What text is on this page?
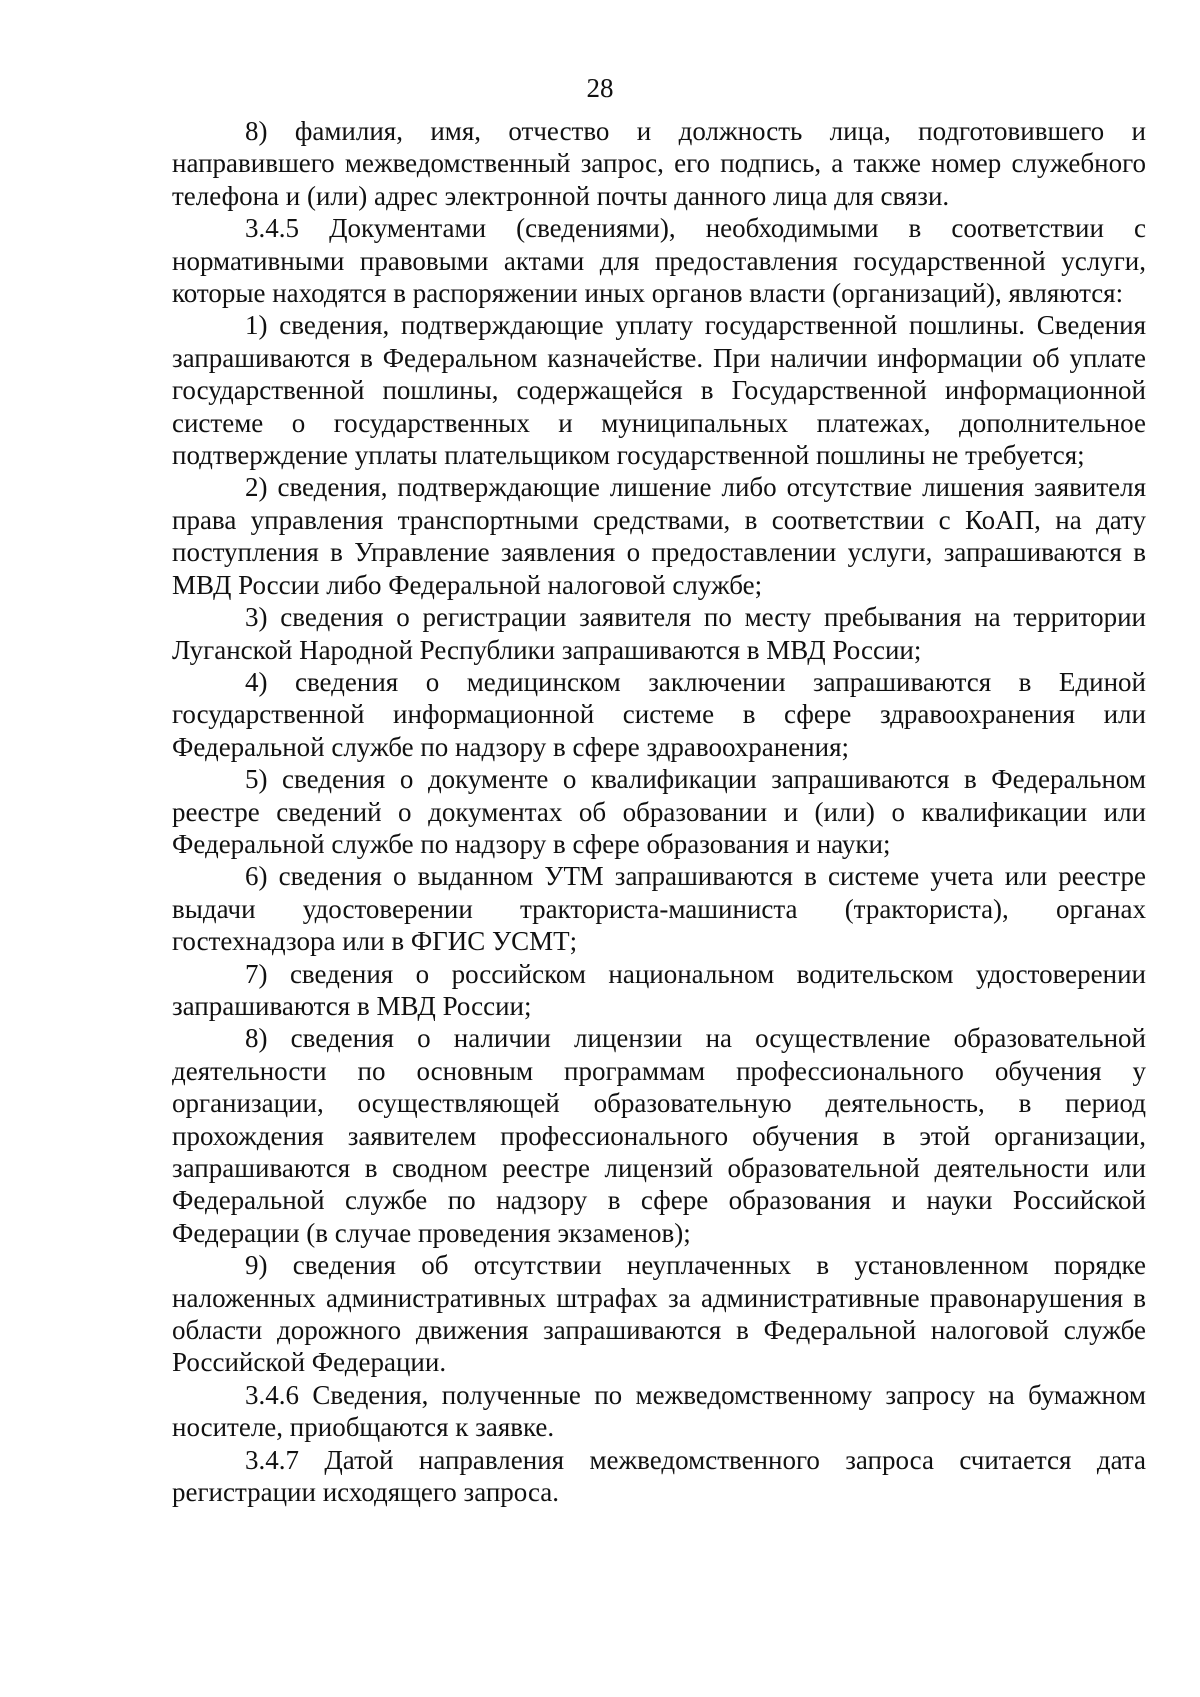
28

8) фамилия, имя, отчество и должность лица, подготовившего и направившего межведомственный запрос, его подпись, а также номер служебного телефона и (или) адрес электронной почты данного лица для связи.

3.4.5 Документами (сведениями), необходимыми в соответствии с нормативными правовыми актами для предоставления государственной услуги, которые находятся в распоряжении иных органов власти (организаций), являются:

1) сведения, подтверждающие уплату государственной пошлины. Сведения запрашиваются в Федеральном казначействе. При наличии информации об уплате государственной пошлины, содержащейся в Государственной информационной системе о государственных и муниципальных платежах, дополнительное подтверждение уплаты плательщиком государственной пошлины не требуется;

2) сведения, подтверждающие лишение либо отсутствие лишения заявителя права управления транспортными средствами, в соответствии с КоАП, на дату поступления в Управление заявления о предоставлении услуги, запрашиваются в МВД России либо Федеральной налоговой службе;

3) сведения о регистрации заявителя по месту пребывания на территории Луганской Народной Республики запрашиваются в МВД России;

4) сведения о медицинском заключении запрашиваются в Единой государственной информационной системе в сфере здравоохранения или Федеральной службе по надзору в сфере здравоохранения;

5) сведения о документе о квалификации запрашиваются в Федеральном реестре сведений о документах об образовании и (или) о квалификации или Федеральной службе по надзору в сфере образования и науки;

6) сведения о выданном УТМ запрашиваются в системе учета или реестре выдачи удостоверении тракториста-машиниста (тракториста), органах гостехнадзора или в ФГИС УСМТ;

7) сведения о российском национальном водительском удостоверении запрашиваются в МВД России;

8) сведения о наличии лицензии на осуществление образовательной деятельности по основным программам профессионального обучения у организации, осуществляющей образовательную деятельность, в период прохождения заявителем профессионального обучения в этой организации, запрашиваются в сводном реестре лицензий образовательной деятельности или Федеральной службе по надзору в сфере образования и науки Российской Федерации (в случае проведения экзаменов);

9) сведения об отсутствии неуплаченных в установленном порядке наложенных административных штрафах за административные правонарушения в области дорожного движения запрашиваются в Федеральной налоговой службе Российской Федерации.

3.4.6 Сведения, полученные по межведомственному запросу на бумажном носителе, приобщаются к заявке.

3.4.7 Датой направления межведомственного запроса считается дата регистрации исходящего запроса.
